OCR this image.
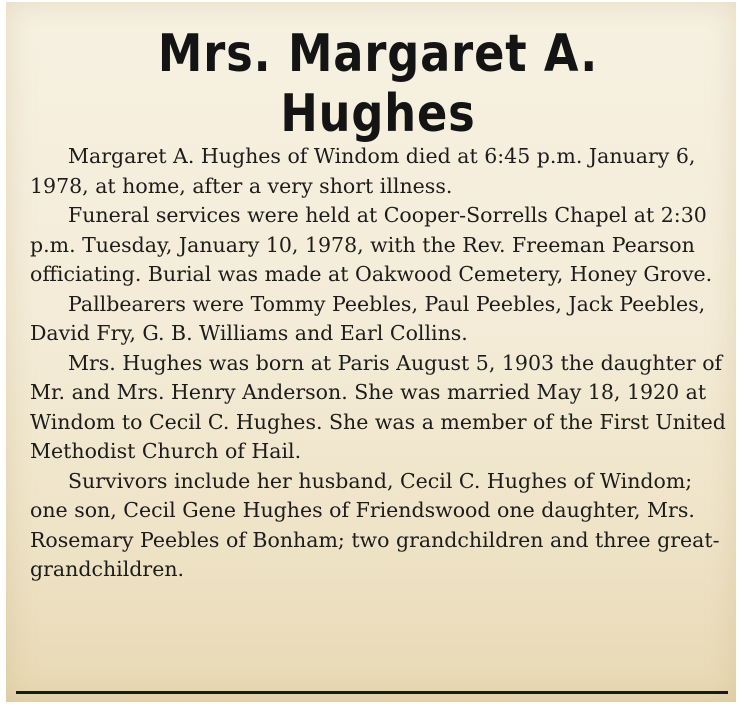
Mrs. Margaret A. Hughes

Margaret A. Hughes of Windom died at 6:45 p.m. January 6, 1978, at home, after a very short illness.

Funeral services were held at Cooper-Sorrells Chapel at 2:30 p.m. Tuesday, January 10, 1978, with the Rev. Freeman Pearson officiating. Burial was made at Oakwood Cemetery, Honey Grove.

Pallbearers were Tommy Peebles, Paul Peebles, Jack Peebles, David Fry, G. B. Williams and Earl Collins.

Mrs. Hughes was born at Paris August 5, 1903 the daughter of Mr. and Mrs. Henry Anderson. She was married May 18, 1920 at Windom to Cecil C. Hughes. She was a member of the First United Methodist Church of Hail.

Survivors include her husband, Cecil C. Hughes of Windom; one son, Cecil Gene Hughes of Friendswood one daughter, Mrs. Rosemary Peebles of Bonham; two grandchildren and three great-grandchildren.
